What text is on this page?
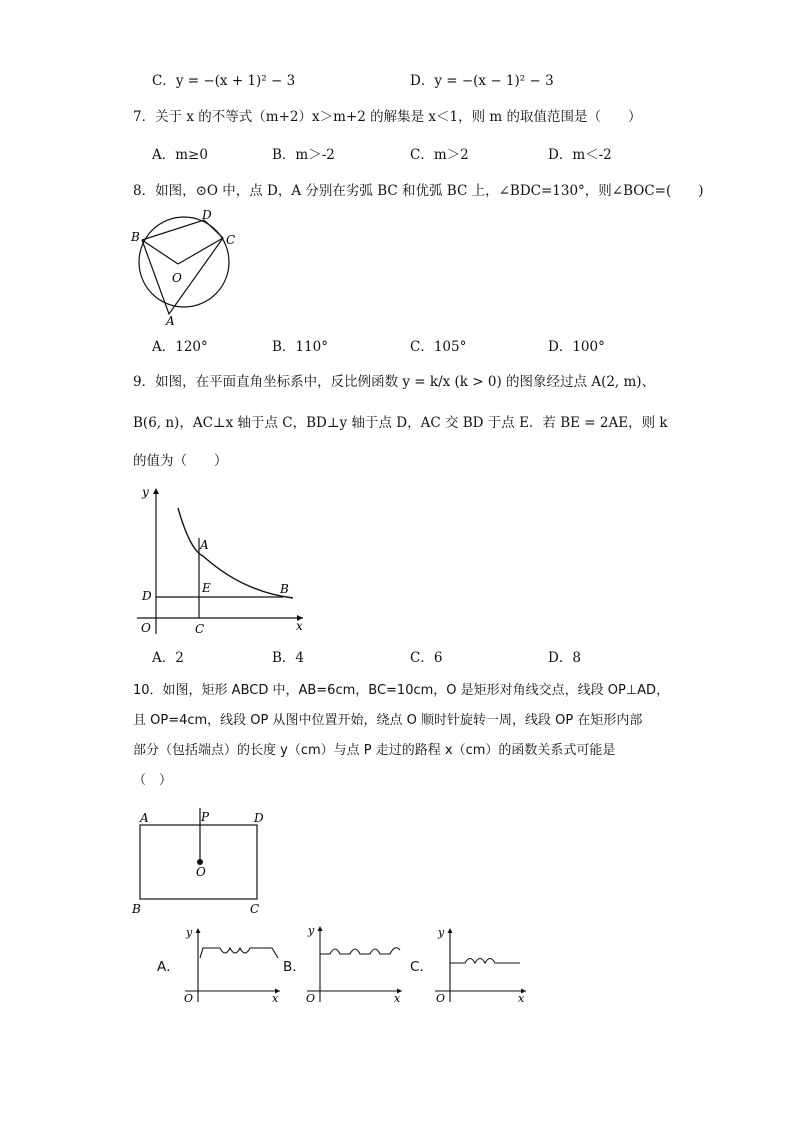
C．y = −(x + 1)² − 3	D．y = −(x − 1)² − 3
7．关于 x 的不等式（m+2）x＞m+2 的解集是 x＜1，则 m 的取值范围是（　　）
A．m≥0	B．m＞-2	C．m＞2	D．m＜-2
8．如图，⊙O 中，点 D，A 分别在劣弧 BC 和优弧 BC 上，∠BDC=130°，则∠BOC=(　　)
B
D
C
O
A
A．120°	B．110°	C．105°	D．100°
9．如图，在平面直角坐标系中，反比例函数 y = k/x (k > 0) 的图象经过点 A(2, m)、
B(6, n)，AC⊥x 轴于点 C，BD⊥y 轴于点 D，AC 交 BD 于点 E．若 BE = 2AE，则 k
的值为（　　）
y
x
O
A
B
C
D
E
A．2	B．4	C．6	D．8
10．如图，矩形 ABCD 中，AB=6cm，BC=10cm，O 是矩形对角线交点，线段 OP⊥AD，
且 OP=4cm，线段 OP 从图中位置开始，绕点 O 顺时针旋转一周，线段 OP 在矩形内部
部分（包括端点）的长度 y（cm）与点 P 走过的路程 x（cm）的函数关系式可能是
（　）
A	P	D
O
B	C
A．
y
x
O
B．
y
x
O
C．
y
x
O
